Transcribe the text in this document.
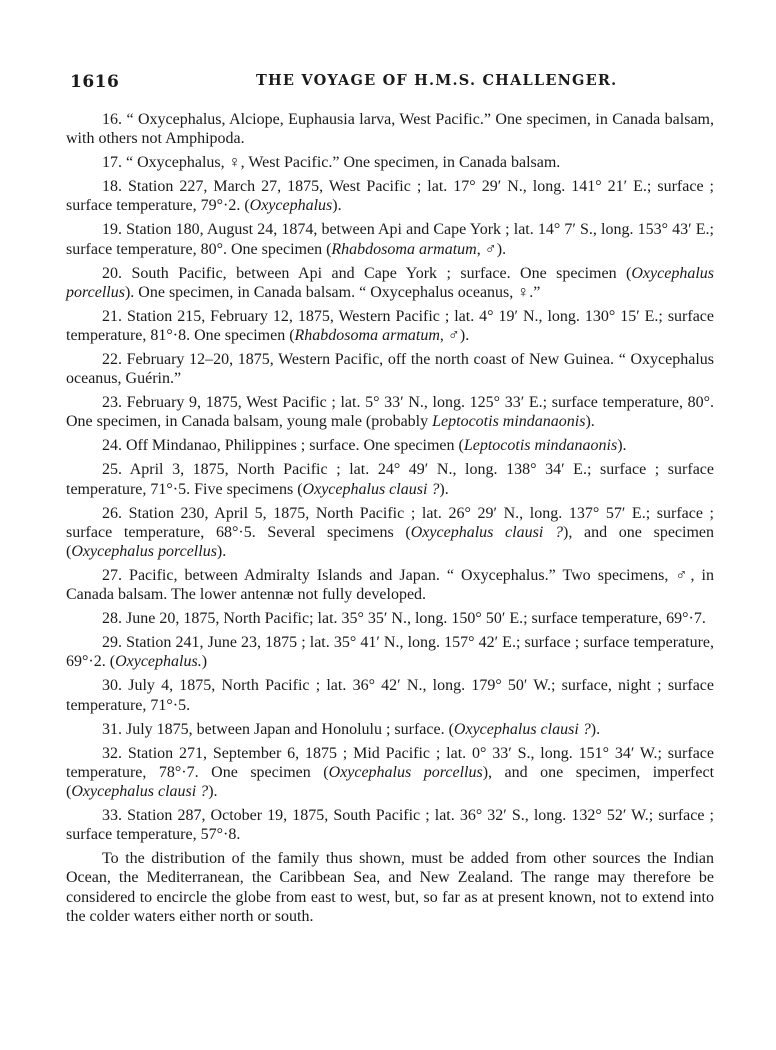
1616	THE VOYAGE OF H.M.S. CHALLENGER.

16. “ Oxycephalus, Alciope, Euphausia larva, West Pacific.” One specimen, in Canada balsam, with others not Amphipoda.

17. “ Oxycephalus, ♀, West Pacific.” One specimen, in Canada balsam.

18. Station 227, March 27, 1875, West Pacific ; lat. 17° 29′ N., long. 141° 21′ E.; surface ; surface temperature, 79°·2. (Oxycephalus).

19. Station 180, August 24, 1874, between Api and Cape York ; lat. 14° 7′ S., long. 153° 43′ E.; surface temperature, 80°. One specimen (Rhabdosoma armatum, ♂).

20. South Pacific, between Api and Cape York ; surface. One specimen (Oxycephalus porcellus). One specimen, in Canada balsam. “ Oxycephalus oceanus, ♀.”

21. Station 215, February 12, 1875, Western Pacific ; lat. 4° 19′ N., long. 130° 15′ E.; surface temperature, 81°·8. One specimen (Rhabdosoma armatum, ♂).

22. February 12–20, 1875, Western Pacific, off the north coast of New Guinea. “ Oxycephalus oceanus, Guérin.”

23. February 9, 1875, West Pacific ; lat. 5° 33′ N., long. 125° 33′ E.; surface temperature, 80°. One specimen, in Canada balsam, young male (probably Leptocotis mindanaonis).

24. Off Mindanao, Philippines ; surface. One specimen (Leptocotis mindanaonis).

25. April 3, 1875, North Pacific ; lat. 24° 49′ N., long. 138° 34′ E.; surface ; surface temperature, 71°·5. Five specimens (Oxycephalus clausi ?).

26. Station 230, April 5, 1875, North Pacific ; lat. 26° 29′ N., long. 137° 57′ E.; surface ; surface temperature, 68°·5. Several specimens (Oxycephalus clausi ?), and one specimen (Oxycephalus porcellus).

27. Pacific, between Admiralty Islands and Japan. “ Oxycephalus.” Two specimens, ♂, in Canada balsam. The lower antennæ not fully developed.

28. June 20, 1875, North Pacific; lat. 35° 35′ N., long. 150° 50′ E.; surface temperature, 69°·7.

29. Station 241, June 23, 1875 ; lat. 35° 41′ N., long. 157° 42′ E.; surface ; surface temperature, 69°·2. (Oxycephalus.)

30. July 4, 1875, North Pacific ; lat. 36° 42′ N., long. 179° 50′ W.; surface, night ; surface temperature, 71°·5.

31. July 1875, between Japan and Honolulu ; surface. (Oxycephalus clausi ?).

32. Station 271, September 6, 1875 ; Mid Pacific ; lat. 0° 33′ S., long. 151° 34′ W.; surface temperature, 78°·7. One specimen (Oxycephalus porcellus), and one specimen, imperfect (Oxycephalus clausi ?).

33. Station 287, October 19, 1875, South Pacific ; lat. 36° 32′ S., long. 132° 52′ W.; surface ; surface temperature, 57°·8.

To the distribution of the family thus shown, must be added from other sources the Indian Ocean, the Mediterranean, the Caribbean Sea, and New Zealand. The range may therefore be considered to encircle the globe from east to west, but, so far as at present known, not to extend into the colder waters either north or south.
